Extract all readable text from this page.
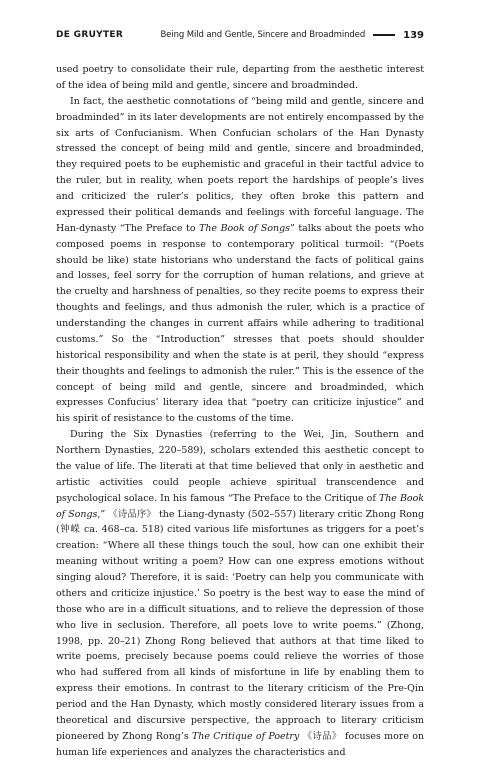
DE GRUYTER	Being Mild and Gentle, Sincere and Broadminded	139

used poetry to consolidate their rule, departing from the aesthetic interest of the idea of being mild and gentle, sincere and broadminded.

In fact, the aesthetic connotations of “being mild and gentle, sincere and broadminded” in its later developments are not entirely encompassed by the six arts of Confucianism. When Confucian scholars of the Han Dynasty stressed the concept of being mild and gentle, sincere and broadminded, they required poets to be euphemistic and graceful in their tactful advice to the ruler, but in reality, when poets report the hardships of people’s lives and criticized the ruler’s politics, they often broke this pattern and expressed their political demands and feelings with forceful language. The Han-dynasty “The Preface to The Book of Songs” talks about the poets who composed poems in response to contemporary political turmoil: “(Poets should be like) state historians who understand the facts of political gains and losses, feel sorry for the corruption of human relations, and grieve at the cruelty and harshness of penalties, so they recite poems to express their thoughts and feelings, and thus admonish the ruler, which is a practice of understanding the changes in current affairs while adhering to traditional customs.” So the “Introduction” stresses that poets should shoulder historical responsibility and when the state is at peril, they should “express their thoughts and feelings to admonish the ruler.” This is the essence of the concept of being mild and gentle, sincere and broadminded, which expresses Confucius’ literary idea that “poetry can criticize injustice” and his spirit of resistance to the customs of the time.

During the Six Dynasties (referring to the Wei, Jin, Southern and Northern Dynasties, 220–589), scholars extended this aesthetic concept to the value of life. The literati at that time believed that only in aesthetic and artistic activities could people achieve spiritual transcendence and psychological solace. In his famous “The Preface to the Critique of The Book of Songs,” 《诗品序》 the Liang-dynasty (502–557) literary critic Zhong Rong (钟嵘 ca. 468–ca. 518) cited various life misfortunes as triggers for a poet’s creation: “Where all these things touch the soul, how can one exhibit their meaning without writing a poem? How can one express emotions without singing aloud? Therefore, it is said: ‘Poetry can help you communicate with others and criticize injustice.’ So poetry is the best way to ease the mind of those who are in a difficult situations, and to relieve the depression of those who live in seclusion. Therefore, all poets love to write poems.” (Zhong, 1998, pp. 20–21) Zhong Rong believed that authors at that time liked to write poems, precisely because poems could relieve the worries of those who had suffered from all kinds of misfortune in life by enabling them to express their emotions. In contrast to the literary criticism of the Pre-Qin period and the Han Dynasty, which mostly considered literary issues from a theoretical and discursive perspective, the approach to literary criticism pioneered by Zhong Rong’s The Critique of Poetry 《诗品》 focuses more on human life experiences and analyzes the characteristics and
